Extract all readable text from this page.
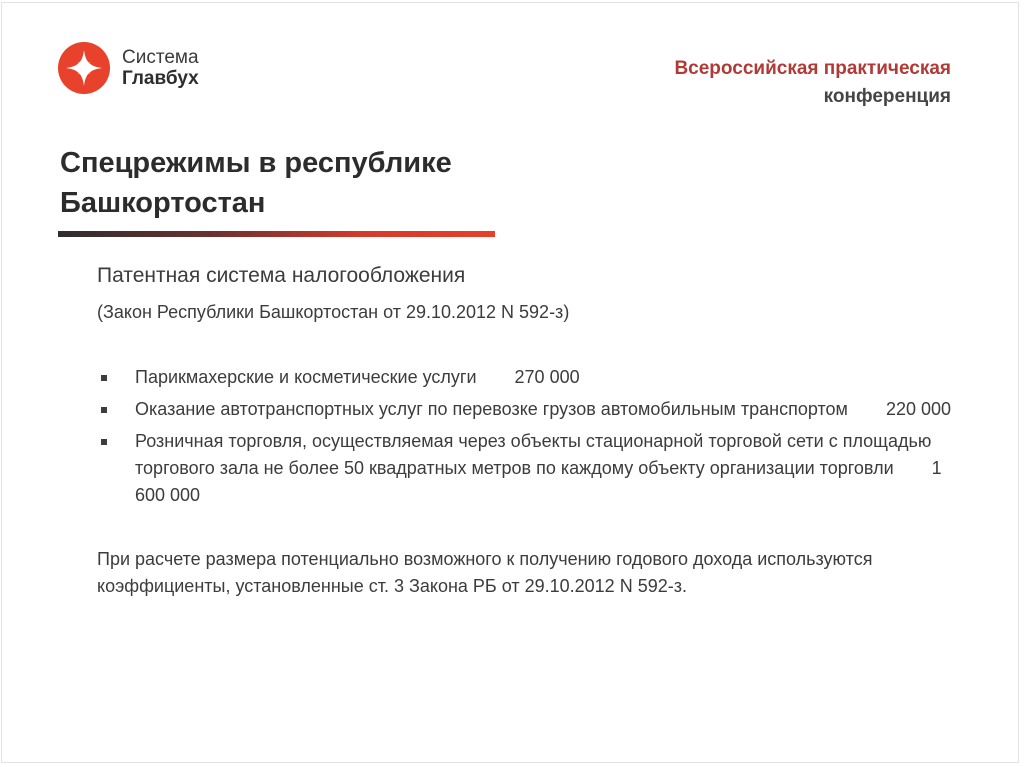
Система
Главбух	Всероссийская практическая
конференция
Спецрежимы в республике
Башкортостан

Патентная система налогообложения

(Закон Республики Башкортостан от 29.10.2012 N 592-з)

Парикмахерские и косметические услуги 270 000
Оказание автотранспортных услуг по перевозке грузов автомобильным транспортом 220 000
Розничная торговля, осуществляемая через объекты стационарной торговой сети с площадью торгового зала не более 50 квадратных метров по каждому объекту организации торговли 1 600 000

При расчете размера потенциально возможного к получению годового дохода используются коэффициенты, установленные ст. 3 Закона РБ от 29.10.2012 N 592-з.
